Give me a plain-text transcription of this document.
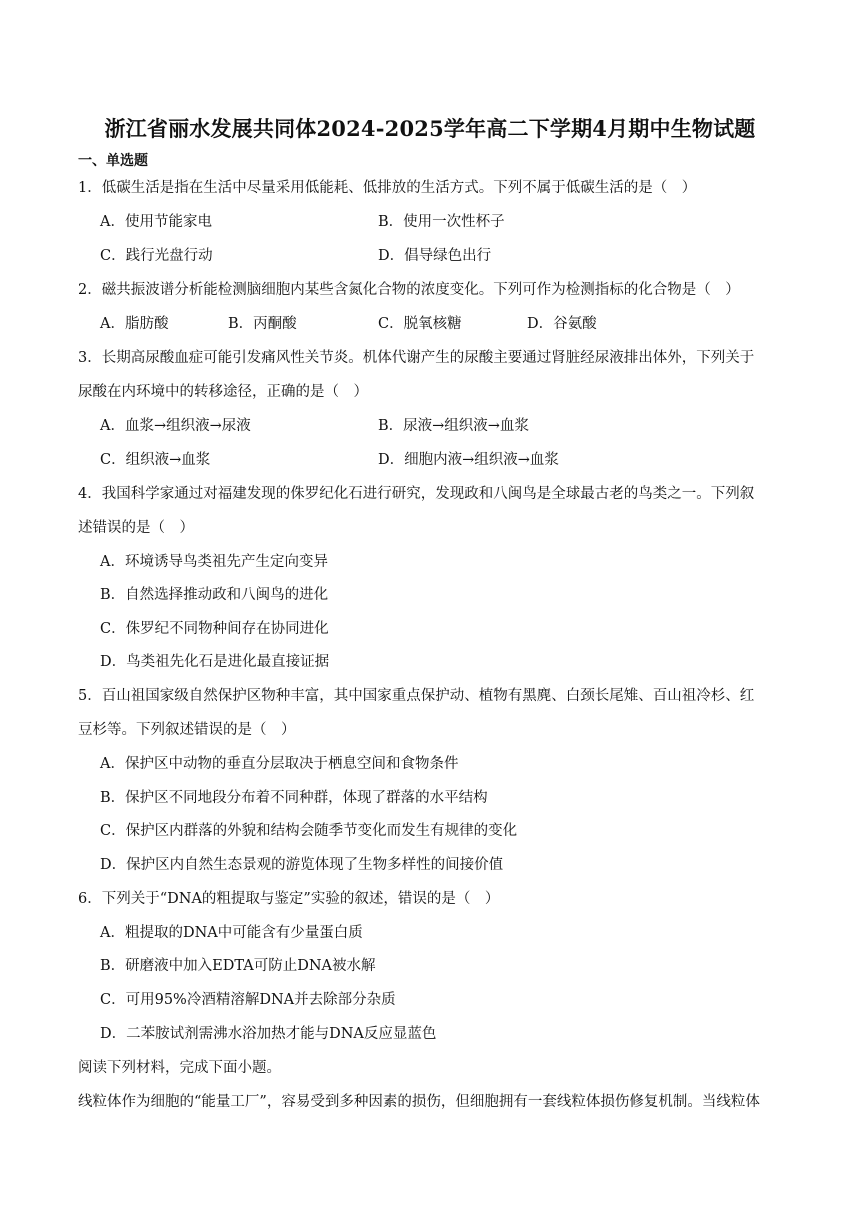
浙江省丽水发展共同体2024-2025学年高二下学期4月期中生物试题
一、单选题
1．低碳生活是指在生活中尽量采用低能耗、低排放的生活方式。下列不属于低碳生活的是（　）
A．使用节能家电	B．使用一次性杯子
C．践行光盘行动	D．倡导绿色出行
2．磁共振波谱分析能检测脑细胞内某些含氮化合物的浓度变化。下列可作为检测指标的化合物是（　）
A．脂肪酸	B．丙酮酸	C．脱氧核糖	D．谷氨酸
3．长期高尿酸血症可能引发痛风性关节炎。机体代谢产生的尿酸主要通过肾脏经尿液排出体外，下列关于
尿酸在内环境中的转移途径，正确的是（　）
A．血浆→组织液→尿液	B．尿液→组织液→血浆
C．组织液→血浆	D．细胞内液→组织液→血浆
4．我国科学家通过对福建发现的侏罗纪化石进行研究，发现政和八闽鸟是全球最古老的鸟类之一。下列叙
述错误的是（　）
A．环境诱导鸟类祖先产生定向变异
B．自然选择推动政和八闽鸟的进化
C．侏罗纪不同物种间存在协同进化
D．鸟类祖先化石是进化最直接证据
5．百山祖国家级自然保护区物种丰富，其中国家重点保护动、植物有黑麂、白颈长尾雉、百山祖冷杉、红
豆杉等。下列叙述错误的是（　）
A．保护区中动物的垂直分层取决于栖息空间和食物条件
B．保护区不同地段分布着不同种群，体现了群落的水平结构
C．保护区内群落的外貌和结构会随季节变化而发生有规律的变化
D．保护区内自然生态景观的游览体现了生物多样性的间接价值
6．下列关于“DNA的粗提取与鉴定”实验的叙述，错误的是（　）
A．粗提取的DNA中可能含有少量蛋白质
B．研磨液中加入EDTA可防止DNA被水解
C．可用95%冷酒精溶解DNA并去除部分杂质
D．二苯胺试剂需沸水浴加热才能与DNA反应显蓝色
阅读下列材料，完成下面小题。
线粒体作为细胞的“能量工厂”，容易受到多种因素的损伤，但细胞拥有一套线粒体损伤修复机制。当线粒体
